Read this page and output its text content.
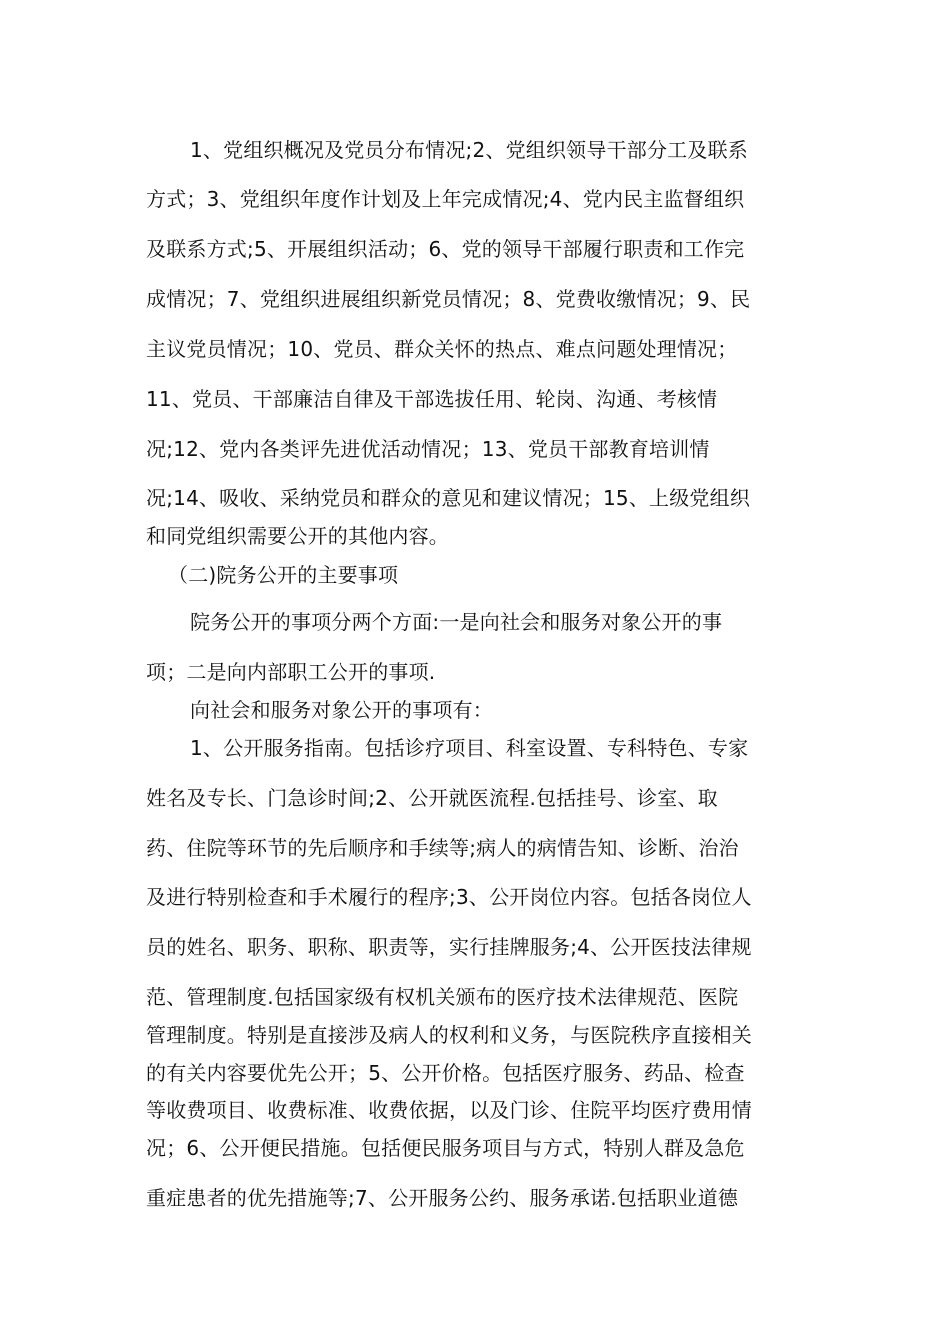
1、党组织概况及党员分布情况;2、党组织领导干部分工及联系
方式；3、党组织年度作计划及上年完成情况;4、党内民主监督组织
及联系方式;5、开展组织活动；6、党的领导干部履行职责和工作完
成情况；7、党组织进展组织新党员情况；8、党费收缴情况；9、民
主议党员情况；10、党员、群众关怀的热点、难点问题处理情况；
11、党员、干部廉洁自律及干部选拔任用、轮岗、沟通、考核情
况;12、党内各类评先进优活动情况；13、党员干部教育培训情
况;14、吸收、采纳党员和群众的意见和建议情况；15、上级党组织
和同党组织需要公开的其他内容。
（二)院务公开的主要事项
院务公开的事项分两个方面:一是向社会和服务对象公开的事
项；二是向内部职工公开的事项.
向社会和服务对象公开的事项有：
1、公开服务指南。包括诊疗项目、科室设置、专科特色、专家
姓名及专长、门急诊时间;2、公开就医流程.包括挂号、诊室、取
药、住院等环节的先后顺序和手续等;病人的病情告知、诊断、治治
及进行特别检查和手术履行的程序;3、公开岗位内容。包括各岗位人
员的姓名、职务、职称、职责等，实行挂牌服务;4、公开医技法律规
范、管理制度.包括国家级有权机关颁布的医疗技术法律规范、医院
管理制度。特别是直接涉及病人的权利和义务，与医院秩序直接相关
的有关内容要优先公开；5、公开价格。包括医疗服务、药品、检查
等收费项目、收费标准、收费依据，以及门诊、住院平均医疗费用情
况；6、公开便民措施。包括便民服务项目与方式，特别人群及急危
重症患者的优先措施等;7、公开服务公约、服务承诺.包括职业道德
